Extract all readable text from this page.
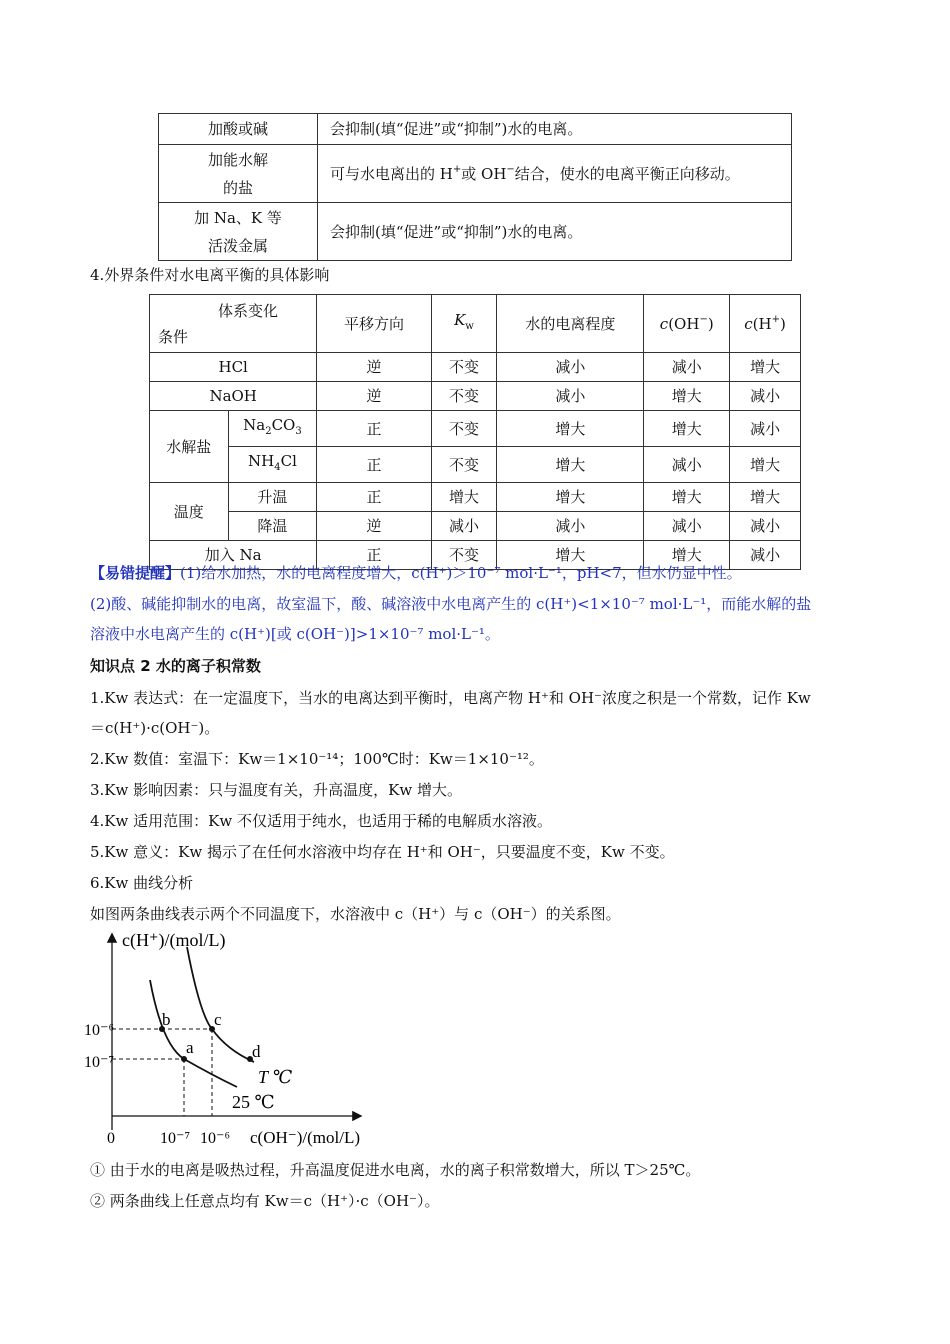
加酸或碱	会抑制(填“促进”或“抑制”)水的电离。

加能水解
的盐	可与水电离出的 H+或 OH−结合，使水的电离平衡正向移动。

加 Na、K 等
活泼金属	会抑制(填“促进”或“抑制”)水的电离。
4.外界条件对水电离平衡的具体影响
体系变化
条件		平移方向	$K_w$	水的电离程度	c(OH−)	c(H+)
HCl		逆	不变	减小	减小	增大
NaOH		逆	不变	减小	增大	减小
水解盐	$Na_2CO_3$	正	不变	增大	增大	减小
	$NH_4Cl$	正	不变	增大	减小	增大
温度	升温	正	增大	增大	增大	增大
	降温	逆	减小	减小	减小	减小
加入 Na		正	不变	增大	增大	减小
【易错提醒】(1)给水加热，水的电离程度增大，c(H⁺)＞10⁻⁷ mol·L⁻¹，pH<7，但水仍显中性。
(2)酸、碱能抑制水的电离，故室温下，酸、碱溶液中水电离产生的 c(H⁺)<1×10⁻⁷ mol·L⁻¹，而能水解的盐
溶液中水电离产生的 c(H⁺)[或 c(OH⁻)]>1×10⁻⁷ mol·L⁻¹。
知识点 2 水的离子积常数
1.Kw 表达式：在一定温度下，当水的电离达到平衡时，电离产物 H⁺和 OH⁻浓度之积是一个常数，记作 Kw
＝c(H⁺)·c(OH⁻)。
2.Kw 数值：室温下：Kw＝1×10⁻¹⁴；100℃时：Kw＝1×10⁻¹²。
3.Kw 影响因素：只与温度有关，升高温度，Kw 增大。
4.Kw 适用范围：Kw 不仅适用于纯水，也适用于稀的电解质水溶液。
5.Kw 意义：Kw 揭示了在任何水溶液中均存在 H⁺和 OH⁻，只要温度不变，Kw 不变。
6.Kw 曲线分析
如图两条曲线表示两个不同温度下，水溶液中 c（H⁺）与 c（OH⁻）的关系图。
c(H⁺)/(mol/L)
c(OH⁻)/(mol/L)
0	10⁻⁷ 10⁻⁶
10⁻⁶
10⁻⁷
a
b	c
d
T ℃
25 ℃
① 由于水的电离是吸热过程，升高温度促进水电离，水的离子积常数增大，所以 T＞25℃。
② 两条曲线上任意点均有 Kw＝c（H⁺）·c（OH⁻）。
